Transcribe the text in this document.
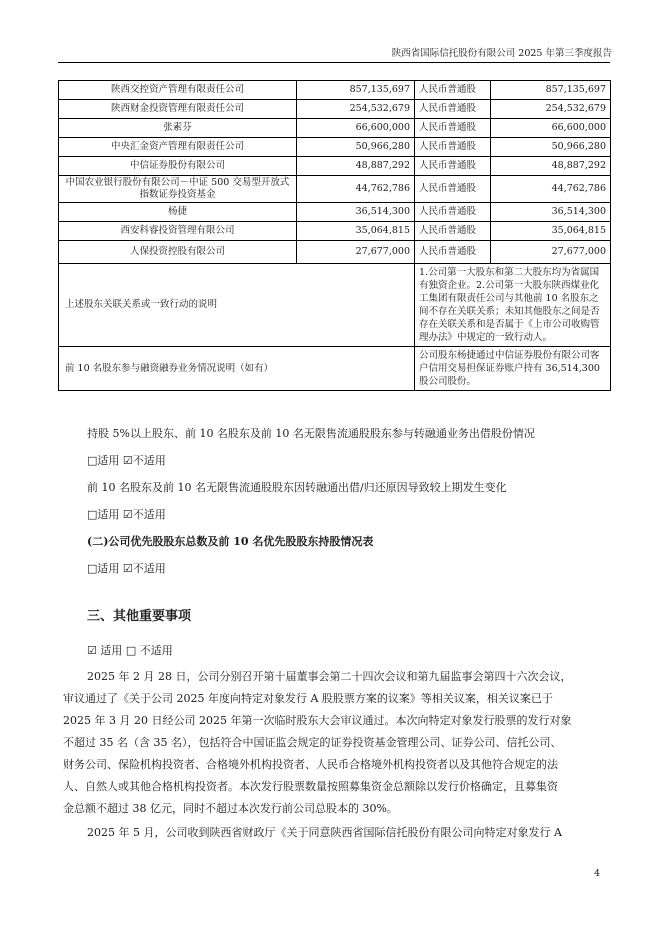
陕西省国际信托股份有限公司 2025 年第三季度报告
陕西交控资产管理有限责任公司	857,135,697	人民币普通股	857,135,697
陕西财金投资管理有限责任公司	254,532,679	人民币普通股	254,532,679
张素芬	66,600,000	人民币普通股	66,600,000
中央汇金资产管理有限责任公司	50,966,280	人民币普通股	50,966,280
中信证券股份有限公司	48,887,292	人民币普通股	48,887,292
中国农业银行股份有限公司－中证 500 交易型开放式指数证券投资基金	44,762,786	人民币普通股	44,762,786
杨捷	36,514,300	人民币普通股	36,514,300
西安科睿投资管理有限公司	35,064,815	人民币普通股	35,064,815
人保投资控股有限公司	27,677,000	人民币普通股	27,677,000
上述股东关联关系或一致行动的说明		1.公司第一大股东和第二大股东均为省属国有独资企业。2.公司第一大股东陕西煤业化工集团有限责任公司与其他前 10 名股东之间不存在关联关系；未知其他股东之间是否存在关联关系和是否属于《上市公司收购管理办法》中规定的一致行动人。	
前 10 名股东参与融资融券业务情况说明（如有）		公司股东杨捷通过中信证券股份有限公司客户信用交易担保证券账户持有 36,514,300 股公司股份。	
持股 5%以上股东、前 10 名股东及前 10 名无限售流通股股东参与转融通业务出借股份情况
□适用 ☑不适用
前 10 名股东及前 10 名无限售流通股股东因转融通出借/归还原因导致较上期发生变化
□适用 ☑不适用
(二)公司优先股股东总数及前 10 名优先股股东持股情况表
□适用 ☑不适用
三、其他重要事项
☑ 适用 □ 不适用
2025 年 2 月 28 日，公司分别召开第十届董事会第二十四次会议和第九届监事会第四十六次会议，
审议通过了《关于公司 2025 年度向特定对象发行 A 股股票方案的议案》等相关议案，相关议案已于
2025 年 3 月 20 日经公司 2025 年第一次临时股东大会审议通过。本次向特定对象发行股票的发行对象
不超过 35 名（含 35 名），包括符合中国证监会规定的证券投资基金管理公司、证券公司、信托公司、
财务公司、保险机构投资者、合格境外机构投资者、人民币合格境外机构投资者以及其他符合规定的法
人、自然人或其他合格机构投资者。本次发行股票数量按照募集资金总额除以发行价格确定，且募集资
金总额不超过 38 亿元，同时不超过本次发行前公司总股本的 30%。
2025 年 5 月，公司收到陕西省财政厅《关于同意陕西省国际信托股份有限公司向特定对象发行 A
4
